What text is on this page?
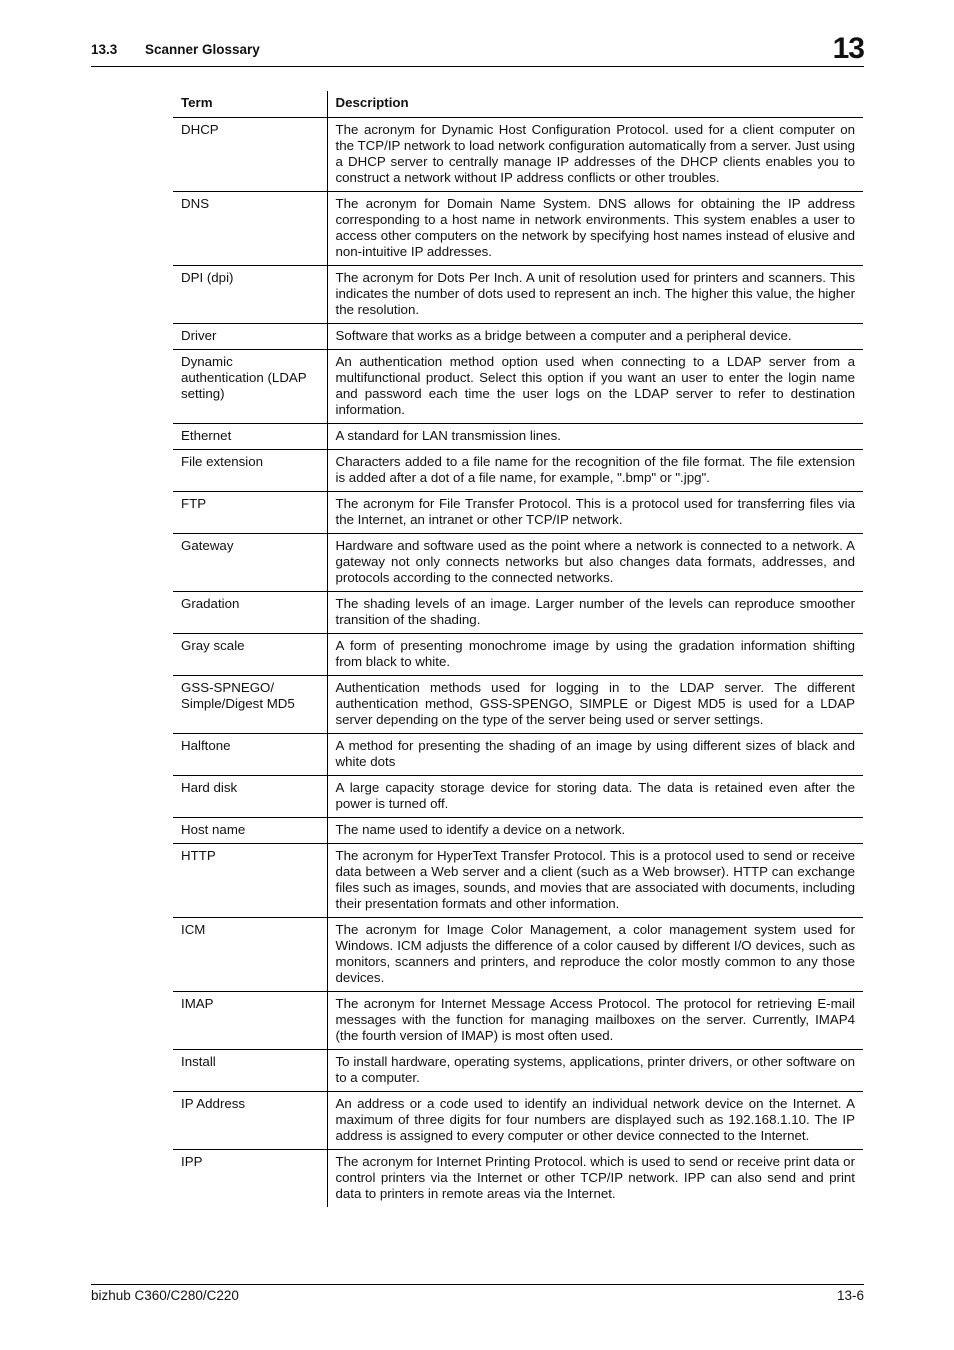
13.3 Scanner Glossary	13
Term	Description
DHCP	The acronym for Dynamic Host Configuration Protocol. used for a client computer on the TCP/IP network to load network configuration automatically from a server. Just using a DHCP server to centrally manage IP addresses of the DHCP clients enables you to construct a network without IP address conflicts or other troubles.
DNS	The acronym for Domain Name System. DNS allows for obtaining the IP address corresponding to a host name in network environments. This system enables a user to access other computers on the network by specifying host names instead of elusive and non-intuitive IP addresses.
DPI (dpi)	The acronym for Dots Per Inch. A unit of resolution used for printers and scanners. This indicates the number of dots used to represent an inch. The higher this value, the higher the resolution.
Driver	Software that works as a bridge between a computer and a peripheral device.
Dynamic authentication (LDAP setting)	An authentication method option used when connecting to a LDAP server from a multifunctional product. Select this option if you want an user to enter the login name and password each time the user logs on the LDAP server to refer to destination information.
Ethernet	A standard for LAN transmission lines.
File extension	Characters added to a file name for the recognition of the file format. The file extension is added after a dot of a file name, for example, ".bmp" or ".jpg".
FTP	The acronym for File Transfer Protocol. This is a protocol used for transferring files via the Internet, an intranet or other TCP/IP network.
Gateway	Hardware and software used as the point where a network is connected to a network. A gateway not only connects networks but also changes data formats, addresses, and protocols according to the connected networks.
Gradation	The shading levels of an image. Larger number of the levels can reproduce smoother transition of the shading.
Gray scale	A form of presenting monochrome image by using the gradation information shifting from black to white.
GSS-SPNEGO/ Simple/Digest MD5	Authentication methods used for logging in to the LDAP server. The different authentication method, GSS-SPENGO, SIMPLE or Digest MD5 is used for a LDAP server depending on the type of the server being used or server settings.
Halftone	A method for presenting the shading of an image by using different sizes of black and white dots
Hard disk	A large capacity storage device for storing data. The data is retained even after the power is turned off.
Host name	The name used to identify a device on a network.
HTTP	The acronym for HyperText Transfer Protocol. This is a protocol used to send or receive data between a Web server and a client (such as a Web browser). HTTP can exchange files such as images, sounds, and movies that are associated with documents, including their presentation formats and other information.
ICM	The acronym for Image Color Management, a color management system used for Windows. ICM adjusts the difference of a color caused by different I/O devices, such as monitors, scanners and printers, and reproduce the color mostly common to any those devices.
IMAP	The acronym for Internet Message Access Protocol. The protocol for retrieving E-mail messages with the function for managing mailboxes on the server. Currently, IMAP4 (the fourth version of IMAP) is most often used.
Install	To install hardware, operating systems, applications, printer drivers, or other software on to a computer.
IP Address	An address or a code used to identify an individual network device on the Internet. A maximum of three digits for four numbers are displayed such as 192.168.1.10. The IP address is assigned to every computer or other device connected to the Internet.
IPP	The acronym for Internet Printing Protocol. which is used to send or receive print data or control printers via the Internet or other TCP/IP network. IPP can also send and print data to printers in remote areas via the Internet.
bizhub C360/C280/C220	13-6
